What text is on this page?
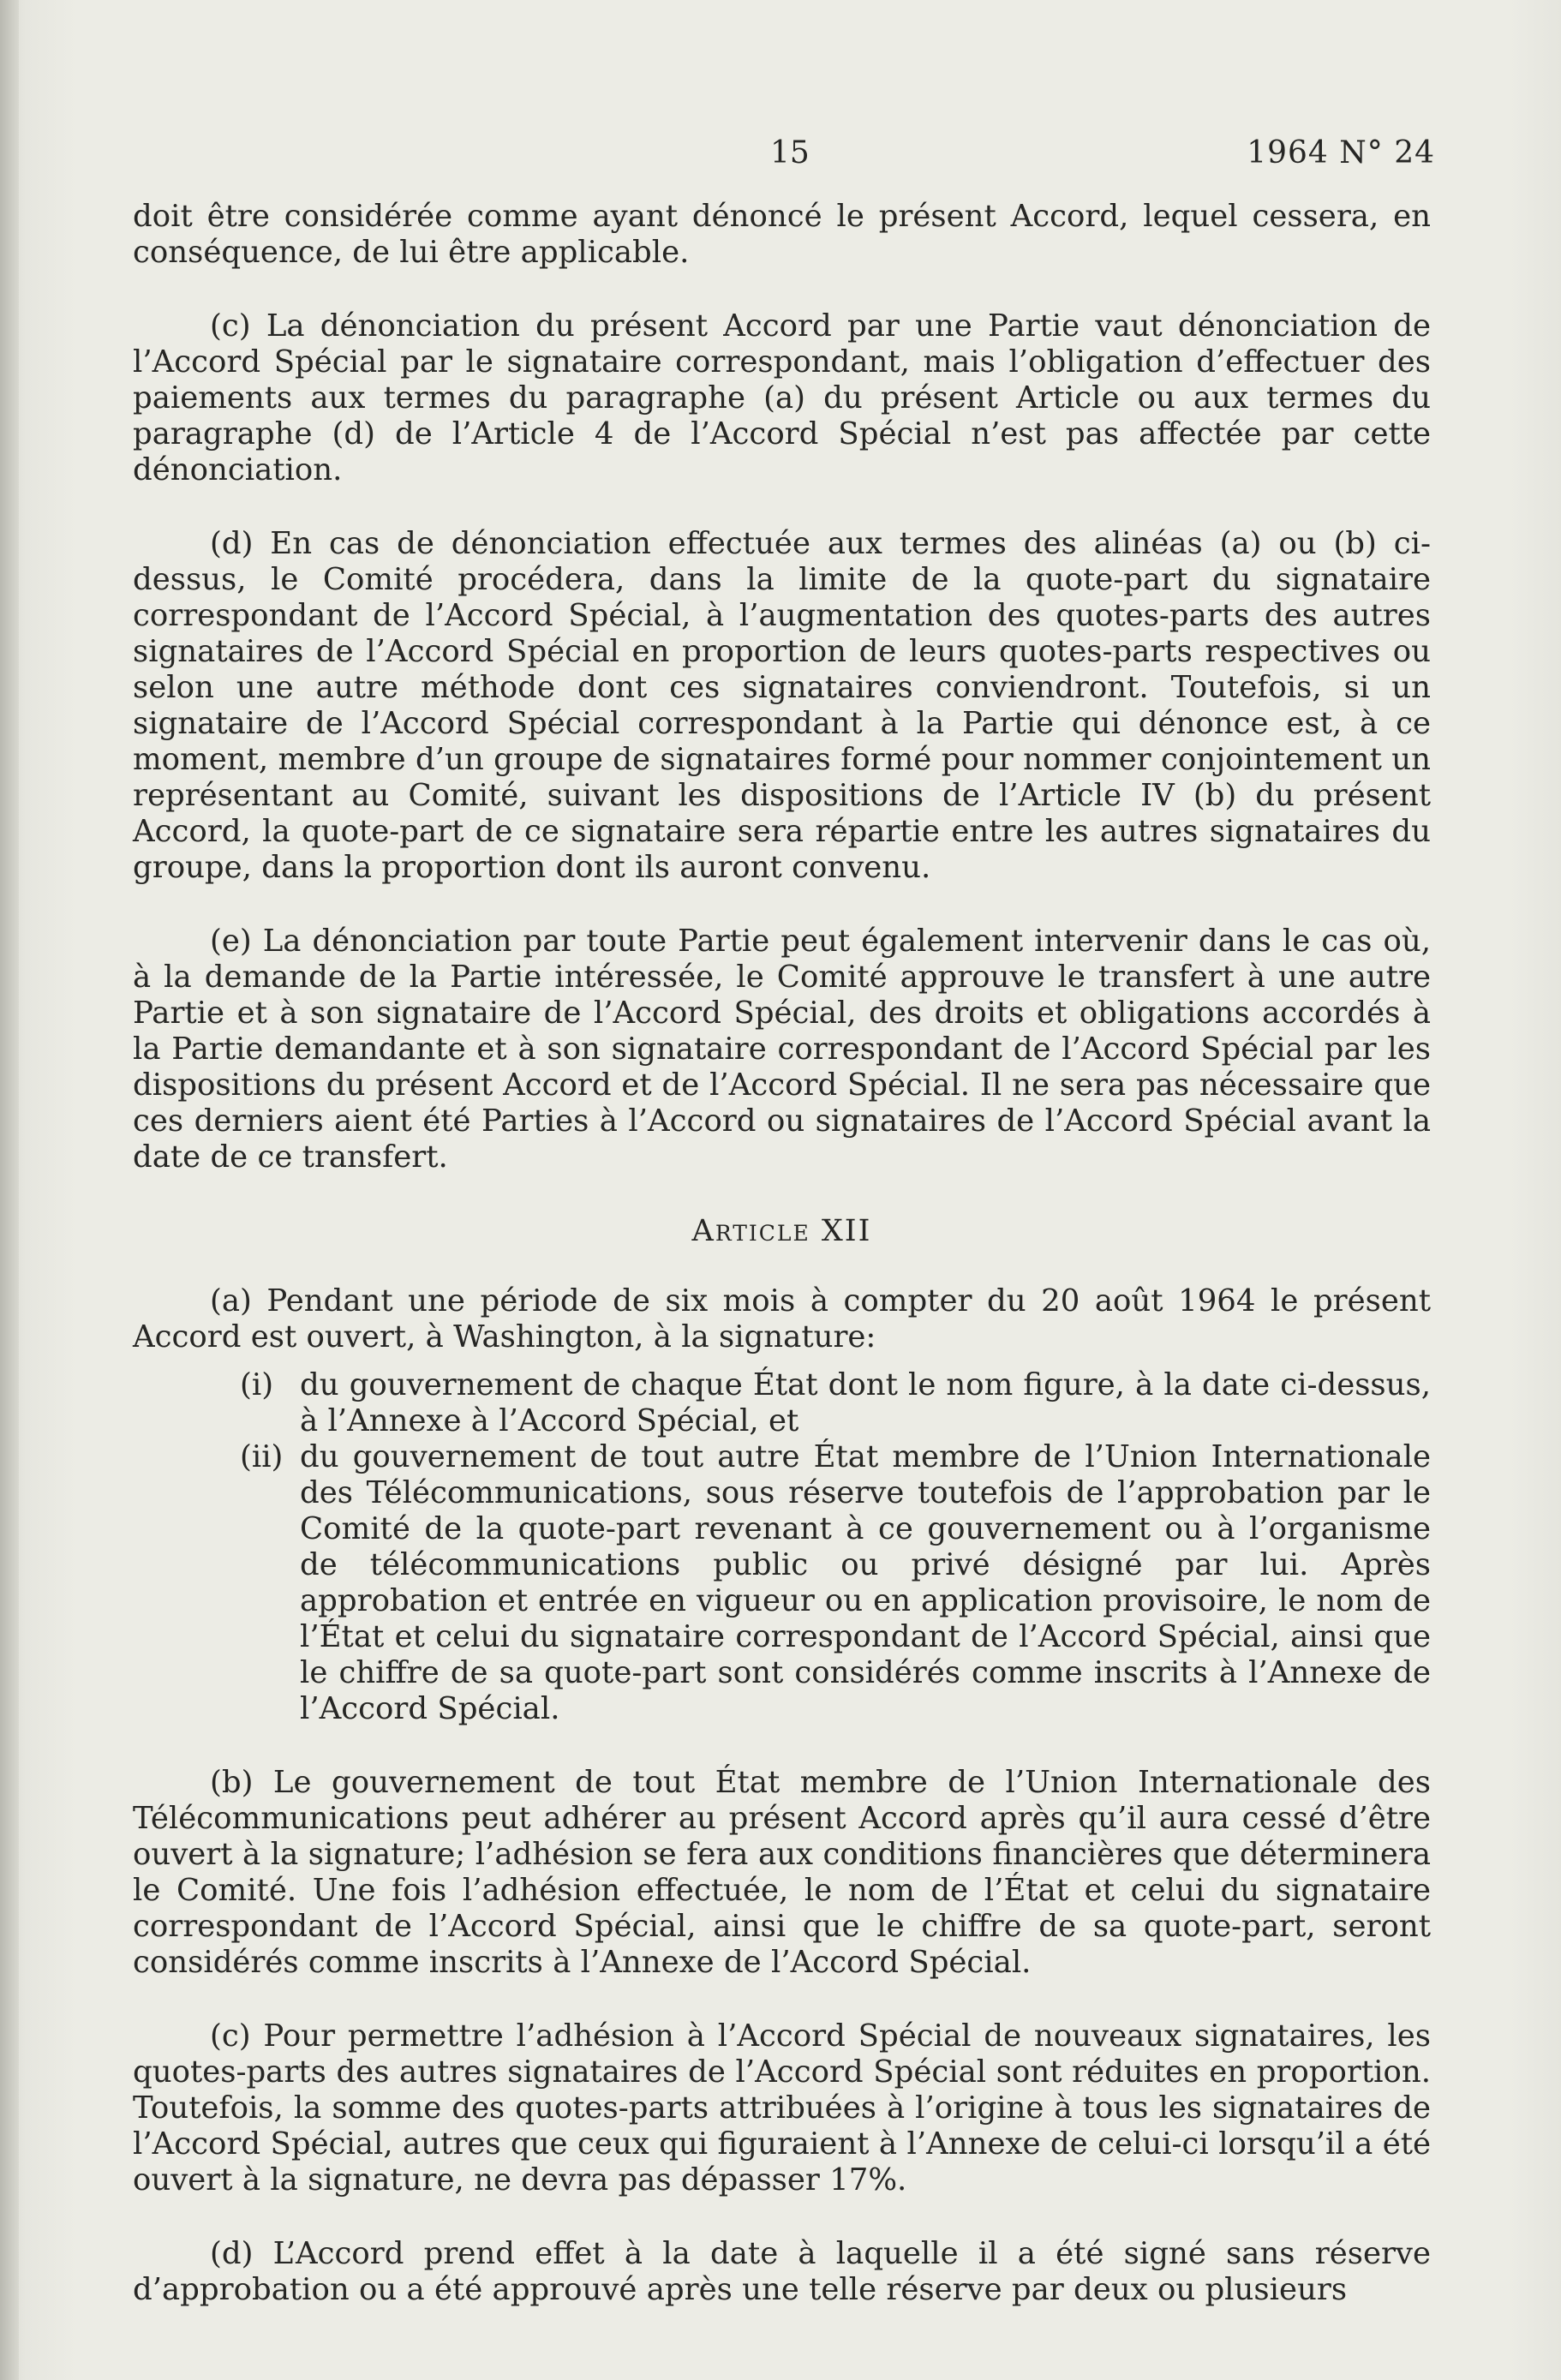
15	1964 N° 24

doit être considérée comme ayant dénoncé le présent Accord, lequel cessera, en conséquence, de lui être applicable.

(c) La dénonciation du présent Accord par une Partie vaut dénonciation de l’Accord Spécial par le signataire correspondant, mais l’obligation d’effectuer des paiements aux termes du paragraphe (a) du présent Article ou aux termes du paragraphe (d) de l’Article 4 de l’Accord Spécial n’est pas affectée par cette dénonciation.

(d) En cas de dénonciation effectuée aux termes des alinéas (a) ou (b) ci-dessus, le Comité procédera, dans la limite de la quote-part du signataire correspondant de l’Accord Spécial, à l’augmentation des quotes-parts des autres signataires de l’Accord Spécial en proportion de leurs quotes-parts respectives ou selon une autre méthode dont ces signataires conviendront. Toutefois, si un signataire de l’Accord Spécial correspondant à la Partie qui dénonce est, à ce moment, membre d’un groupe de signataires formé pour nommer conjointement un représentant au Comité, suivant les dispositions de l’Article IV (b) du présent Accord, la quote-part de ce signataire sera répartie entre les autres signataires du groupe, dans la proportion dont ils auront convenu.

(e) La dénonciation par toute Partie peut également intervenir dans le cas où, à la demande de la Partie intéressée, le Comité approuve le transfert à une autre Partie et à son signataire de l’Accord Spécial, des droits et obligations accordés à la Partie demandante et à son signataire correspondant de l’Accord Spécial par les dispositions du présent Accord et de l’Accord Spécial. Il ne sera pas nécessaire que ces derniers aient été Parties à l’Accord ou signataires de l’Accord Spécial avant la date de ce transfert.

Article XII

(a) Pendant une période de six mois à compter du 20 août 1964 le présent Accord est ouvert, à Washington, à la signature:

(i) du gouvernement de chaque État dont le nom figure, à la date ci-dessus, à l’Annexe à l’Accord Spécial, et
(ii) du gouvernement de tout autre État membre de l’Union Internationale des Télécommunications, sous réserve toutefois de l’approbation par le Comité de la quote-part revenant à ce gouvernement ou à l’organisme de télécommunications public ou privé désigné par lui. Après approbation et entrée en vigueur ou en application provisoire, le nom de l’État et celui du signataire correspondant de l’Accord Spécial, ainsi que le chiffre de sa quote-part sont considérés comme inscrits à l’Annexe de l’Accord Spécial.

(b) Le gouvernement de tout État membre de l’Union Internationale des Télécommunications peut adhérer au présent Accord après qu’il aura cessé d’être ouvert à la signature; l’adhésion se fera aux conditions financières que déterminera le Comité. Une fois l’adhésion effectuée, le nom de l’État et celui du signataire correspondant de l’Accord Spécial, ainsi que le chiffre de sa quote-part, seront considérés comme inscrits à l’Annexe de l’Accord Spécial.

(c) Pour permettre l’adhésion à l’Accord Spécial de nouveaux signataires, les quotes-parts des autres signataires de l’Accord Spécial sont réduites en proportion. Toutefois, la somme des quotes-parts attribuées à l’origine à tous les signataires de l’Accord Spécial, autres que ceux qui figuraient à l’Annexe de celui-ci lorsqu’il a été ouvert à la signature, ne devra pas dépasser 17%.

(d) L’Accord prend effet à la date à laquelle il a été signé sans réserve d’approbation ou a été approuvé après une telle réserve par deux ou plusieurs
